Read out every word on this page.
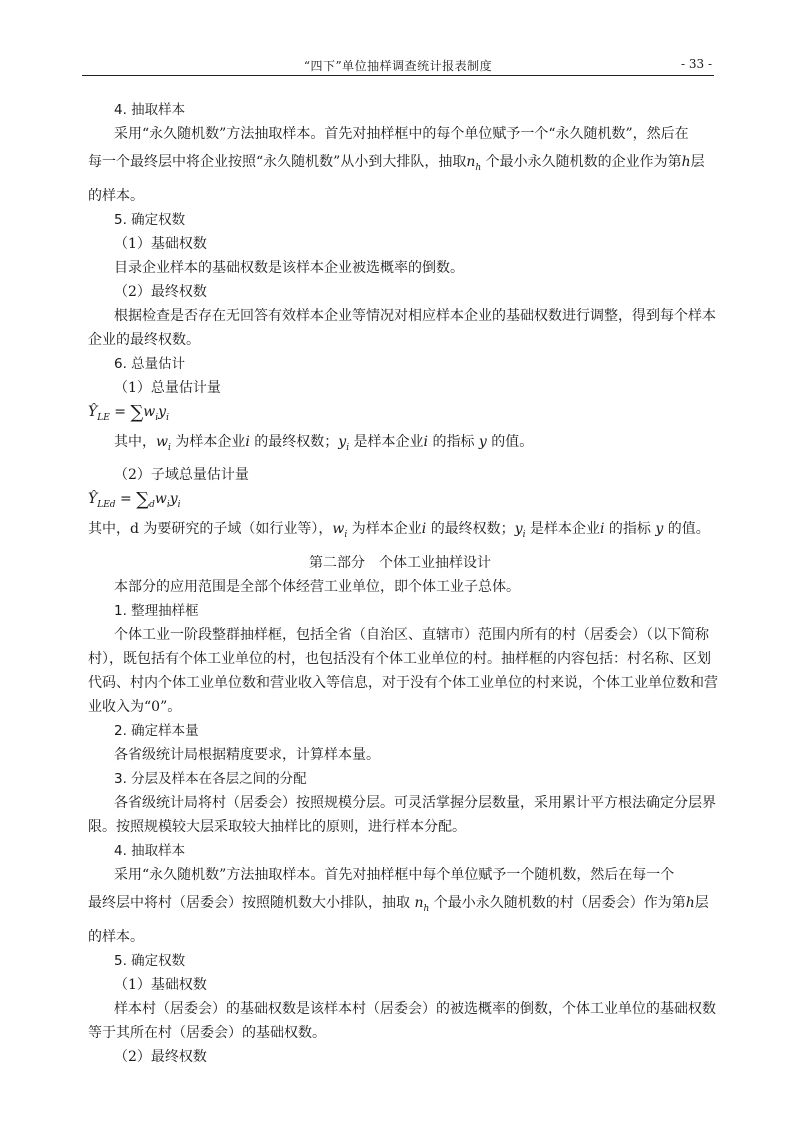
“四下”单位抽样调查统计报表制度	- 33 -

4. 抽取样本

采用“永久随机数”方法抽取样本。首先对抽样框中的每个单位赋予一个“永久随机数”，然后在

每一个最终层中将企业按照“永久随机数”从小到大排队，抽取$n_h$ 个最小永久随机数的企业作为第h层

的样本。

5. 确定权数

（1）基础权数

目录企业样本的基础权数是该样本企业被选概率的倒数。

（2）最终权数

根据检查是否存在无回答有效样本企业等情况对相应样本企业的基础权数进行调整，得到每个样本

企业的最终权数。

6. 总量估计

（1）总量估计量

$Ŷ_{LE} = \sum w_iy_i$

其中，$w_i$ 为样本企业i 的最终权数；$y_i$ 是样本企业i 的指标 y 的值。

（2）子域总量估计量

$Ŷ_{LEd} = \sum_dw_iy_i$

其中，d 为要研究的子域（如行业等），$w_i$ 为样本企业i 的最终权数；$y_i$ 是样本企业i 的指标 y 的值。

第二部分　个体工业抽样设计

本部分的应用范围是全部个体经营工业单位，即个体工业子总体。

1. 整理抽样框

个体工业一阶段整群抽样框，包括全省（自治区、直辖市）范围内所有的村（居委会）（以下简称

村），既包括有个体工业单位的村，也包括没有个体工业单位的村。抽样框的内容包括：村名称、区划

代码、村内个体工业单位数和营业收入等信息，对于没有个体工业单位的村来说，个体工业单位数和营

业收入为“0”。

2. 确定样本量

各省级统计局根据精度要求，计算样本量。

3. 分层及样本在各层之间的分配

各省级统计局将村（居委会）按照规模分层。可灵活掌握分层数量，采用累计平方根法确定分层界

限。按照规模较大层采取较大抽样比的原则，进行样本分配。

4. 抽取样本

采用“永久随机数”方法抽取样本。首先对抽样框中每个单位赋予一个随机数，然后在每一个

最终层中将村（居委会）按照随机数大小排队，抽取 $n_h$ 个最小永久随机数的村（居委会）作为第h层

的样本。

5. 确定权数

（1）基础权数

样本村（居委会）的基础权数是该样本村（居委会）的被选概率的倒数，个体工业单位的基础权数

等于其所在村（居委会）的基础权数。

（2）最终权数
